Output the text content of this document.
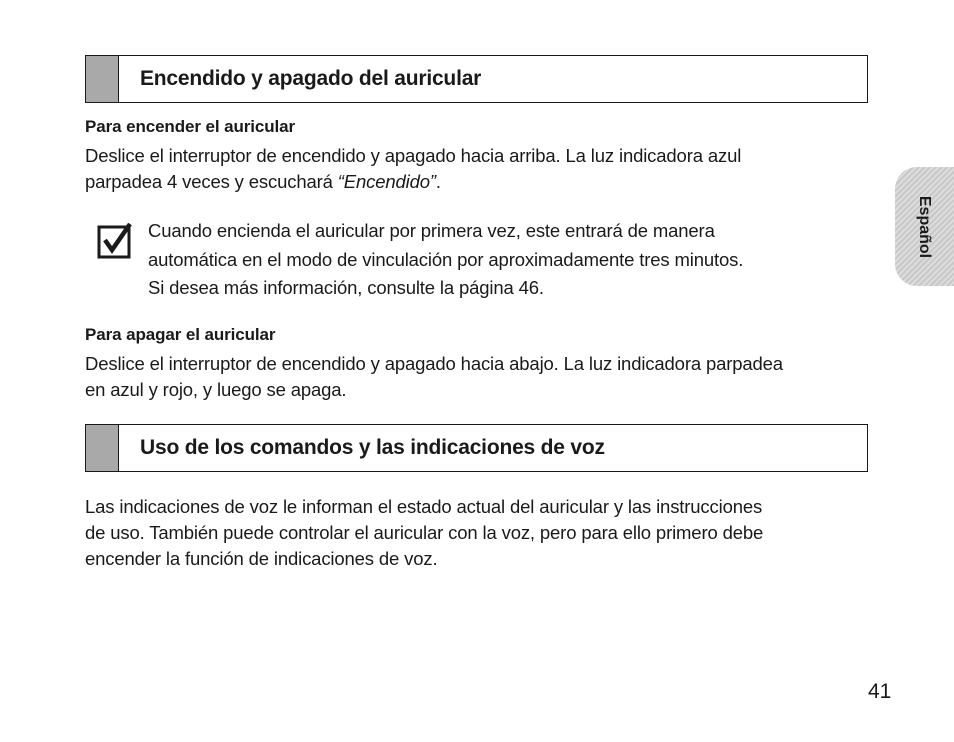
Encendido y apagado del auricular
Para encender el auricular
Deslice el interruptor de encendido y apagado hacia arriba. La luz indicadora azul
parpadea 4 veces y escuchará “Encendido”.
Cuando encienda el auricular por primera vez, este entrará de manera
automática en el modo de vinculación por aproximadamente tres minutos.
Si desea más información, consulte la página 46.
Para apagar el auricular
Deslice el interruptor de encendido y apagado hacia abajo. La luz indicadora parpadea
en azul y rojo, y luego se apaga.
Uso de los comandos y las indicaciones de voz
Las indicaciones de voz le informan el estado actual del auricular y las instrucciones
de uso. También puede controlar el auricular con la voz, pero para ello primero debe
encender la función de indicaciones de voz.
Español
41
